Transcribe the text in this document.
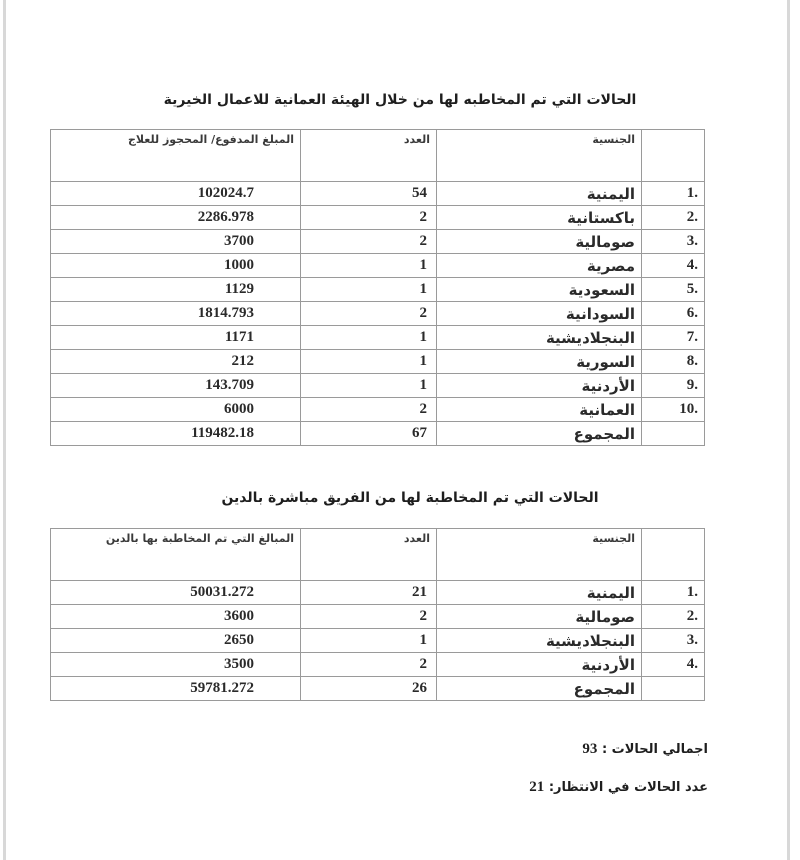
الحالات التي تم المخاطبه لها من خلال الهيئة العمانية للاعمال الخيرية
	الجنسية	العدد	المبلغ المدفوع/ المحجوز للعلاج
1.	اليمنية	54	102024.7
2.	باكستانية	2	2286.978
3.	صومالية	2	3700
4.	مصرية	1	1000
5.	السعودية	1	1129
6.	السودانية	2	1814.793
7.	البنجلاديشية	1	1171
8.	السورية	1	212
9.	الأردنية	1	143.709
10.	العمانية	2	6000
	المجموع	67	119482.18
الحالات التي تم المخاطبة لها من الفريق مباشرة بالدين
	الجنسية	العدد	المبالغ التي تم المخاطبة بها بالدين
1.	اليمنية	21	50031.272
2.	صومالية	2	3600
3.	البنجلاديشية	1	2650
4.	الأردنية	2	3500
	المجموع	26	59781.272
اجمالي الحالات : 93
عدد الحالات في الانتظار: 21
